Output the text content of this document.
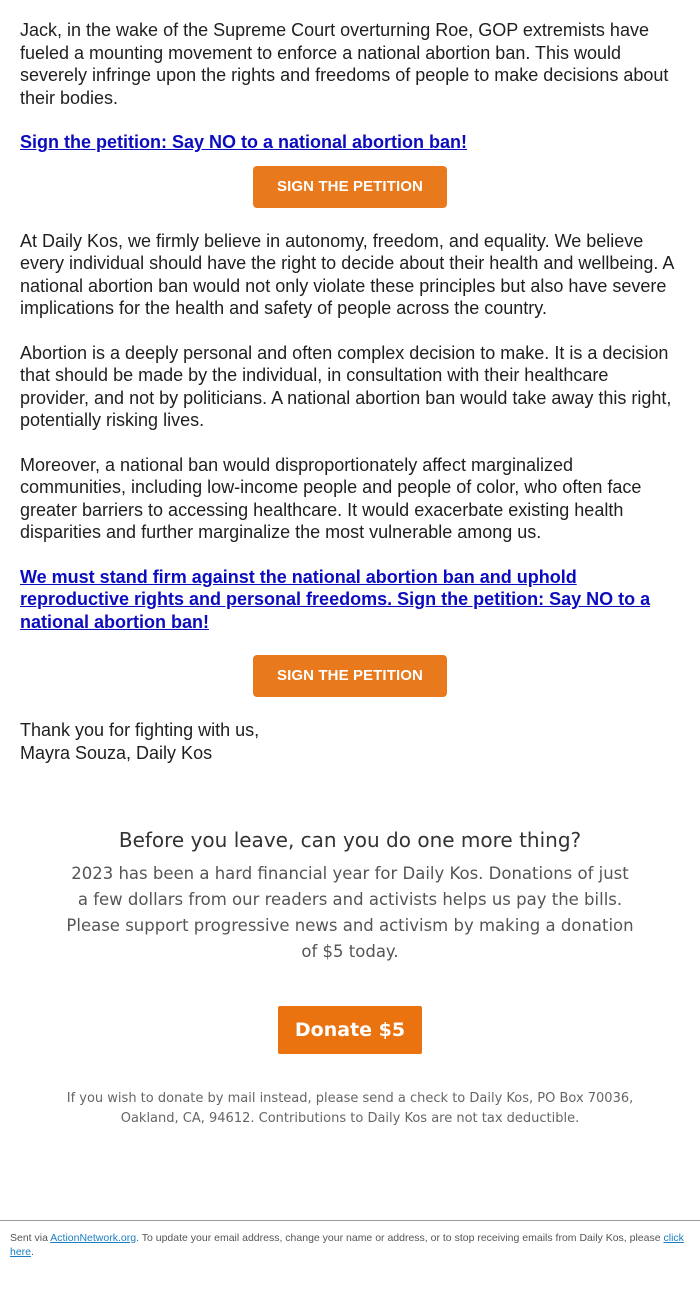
Jack, in the wake of the Supreme Court overturning Roe, GOP extremists have fueled a mounting movement to enforce a national abortion ban. This would severely infringe upon the rights and freedoms of people to make decisions about their bodies.

Sign the petition: Say NO to a national abortion ban!
SIGN THE PETITION

At Daily Kos, we firmly believe in autonomy, freedom, and equality. We believe every individual should have the right to decide about their health and wellbeing. A national abortion ban would not only violate these principles but also have severe implications for the health and safety of people across the country.

Abortion is a deeply personal and often complex decision to make. It is a decision that should be made by the individual, in consultation with their healthcare provider, and not by politicians. A national abortion ban would take away this right, potentially risking lives.

Moreover, a national ban would disproportionately affect marginalized communities, including low-income people and people of color, who often face greater barriers to accessing healthcare. It would exacerbate existing health disparities and further marginalize the most vulnerable among us.

We must stand firm against the national abortion ban and uphold reproductive rights and personal freedoms. Sign the petition: Say NO to a national abortion ban!
SIGN THE PETITION

Thank you for fighting with us,

Mayra Souza, Daily Kos

Before you leave, can you do one more thing?

2023 has been a hard financial year for Daily Kos. Donations of just a few dollars from our readers and activists helps us pay the bills. Please support progressive news and activism by making a donation of $5 today.

Donate $5
If you wish to donate by mail instead, please send a check to Daily Kos, PO Box 70036,
Oakland, CA, 94612. Contributions to Daily Kos are not tax deductible.
Sent via ActionNetwork.org. To update your email address, change your name or address, or to stop receiving emails from Daily Kos, please click here.
